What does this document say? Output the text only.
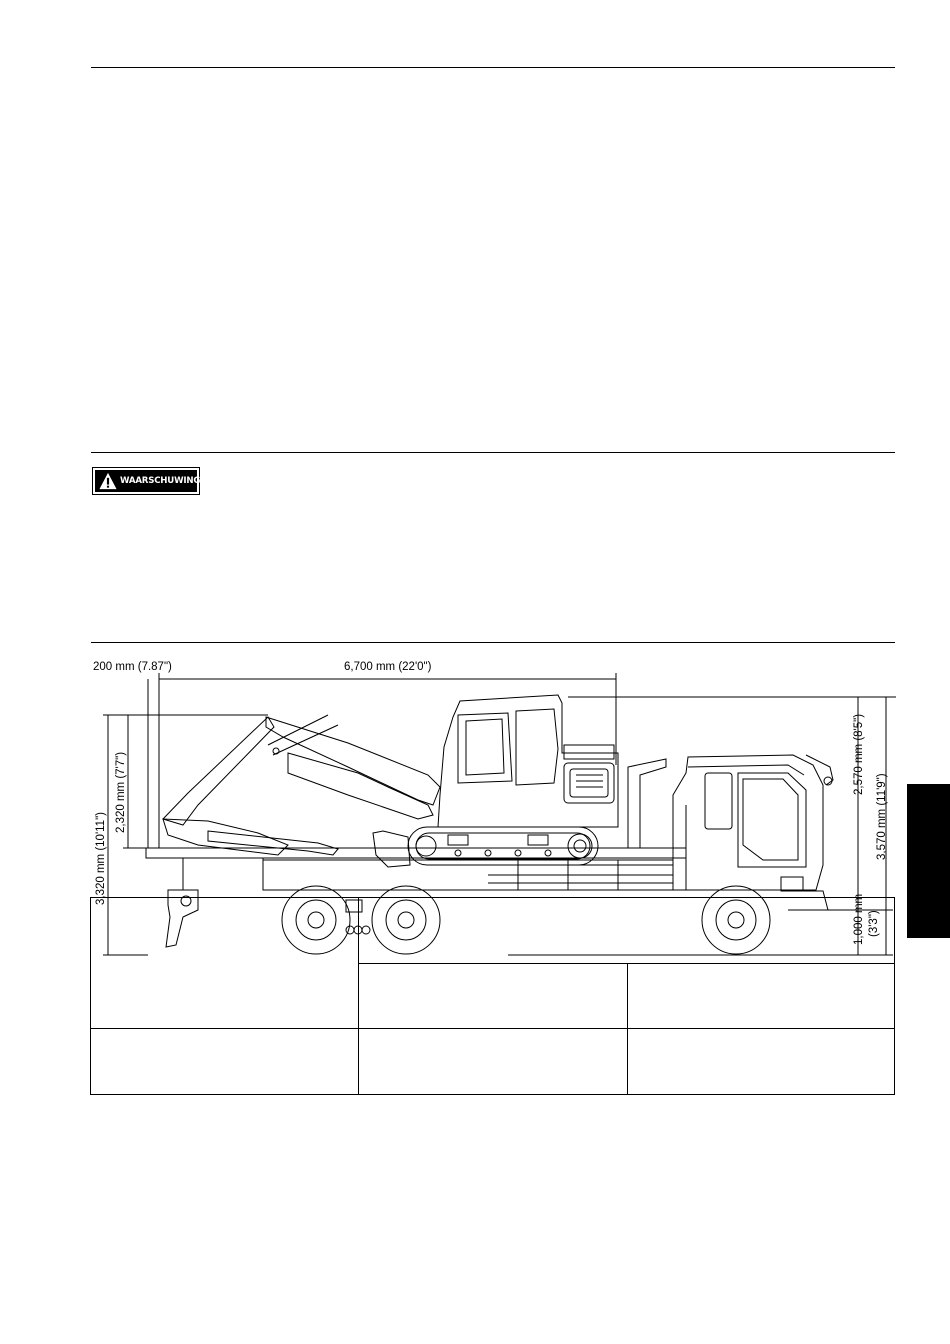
WAARSCHUWING
200 mm (7.87")	6,700 mm (22'0")
3,320 mm (10'11")
2,320 mm (7'7")	2,570 mm (8'5")
3,570 mm (11'9")
1,000 mm (3'3")
